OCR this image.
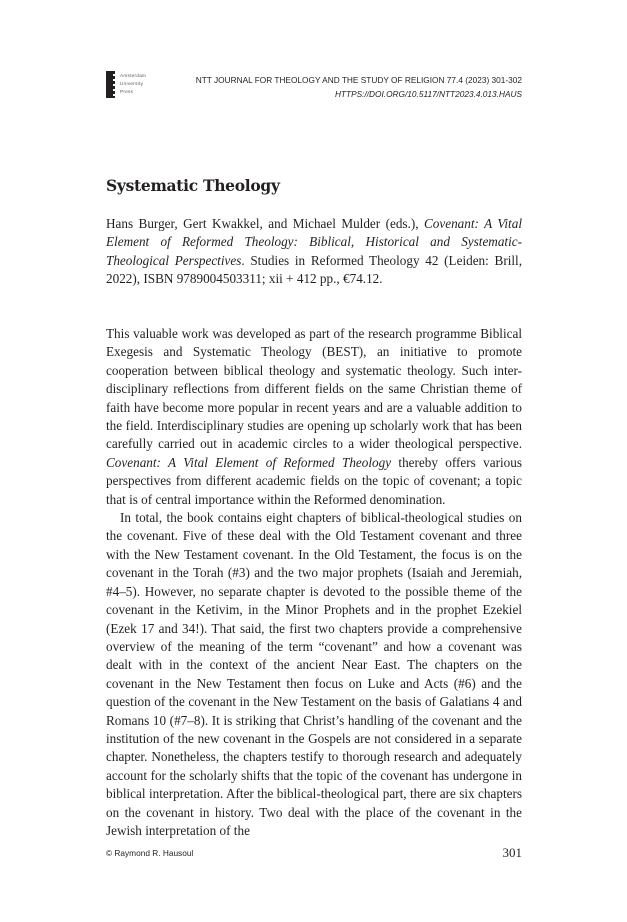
Amsterdam
University
Press
NTT JOURNAL FOR THEOLOGY AND THE STUDY OF RELIGION 77.4 (2023) 301-302
HTTPS://DOI.ORG/10.5117/NTT2023.4.013.HAUS
Systematic Theology
Hans Burger, Gert Kwakkel, and Michael Mulder (eds.), Covenant: A Vital Element of Reformed Theology: Biblical, Historical and Systematic-Theological Perspectives. Studies in Reformed Theology 42 (Leiden: Brill, 2022), ISBN 9789004503311; xii + 412 pp., €74.12.

This valuable work was developed as part of the research programme Biblical Exegesis and Systematic Theology (BEST), an initiative to promote cooperation between biblical theology and systematic theology. Such inter-disciplinary reflections from different fields on the same Christian theme of faith have become more popular in recent years and are a valuable addition to the field. Interdisciplinary studies are opening up scholarly work that has been carefully carried out in academic circles to a wider theological perspective. Covenant: A Vital Element of Reformed Theology thereby offers various perspectives from different academic fields on the topic of covenant; a topic that is of central importance within the Reformed denomination.

In total, the book contains eight chapters of biblical-theological studies on the covenant. Five of these deal with the Old Testament covenant and three with the New Testament covenant. In the Old Testament, the focus is on the covenant in the Torah (#3) and the two major prophets (Isaiah and Jeremiah, #4–5). However, no separate chapter is devoted to the possible theme of the covenant in the Ketivim, in the Minor Prophets and in the prophet Ezekiel (Ezek 17 and 34!). That said, the first two chapters provide a comprehensive overview of the meaning of the term “covenant” and how a covenant was dealt with in the context of the ancient Near East. The chapters on the covenant in the New Testament then focus on Luke and Acts (#6) and the question of the covenant in the New Testament on the basis of Galatians 4 and Romans 10 (#7–8). It is striking that Christ’s handling of the covenant and the institution of the new covenant in the Gospels are not considered in a separate chapter. Nonetheless, the chapters testify to thorough research and adequately account for the scholarly shifts that the topic of the covenant has undergone in biblical interpretation. After the biblical-theological part, there are six chapters on the covenant in history. Two deal with the place of the covenant in the Jewish interpretation of the

© Raymond R. Hausoul	301
